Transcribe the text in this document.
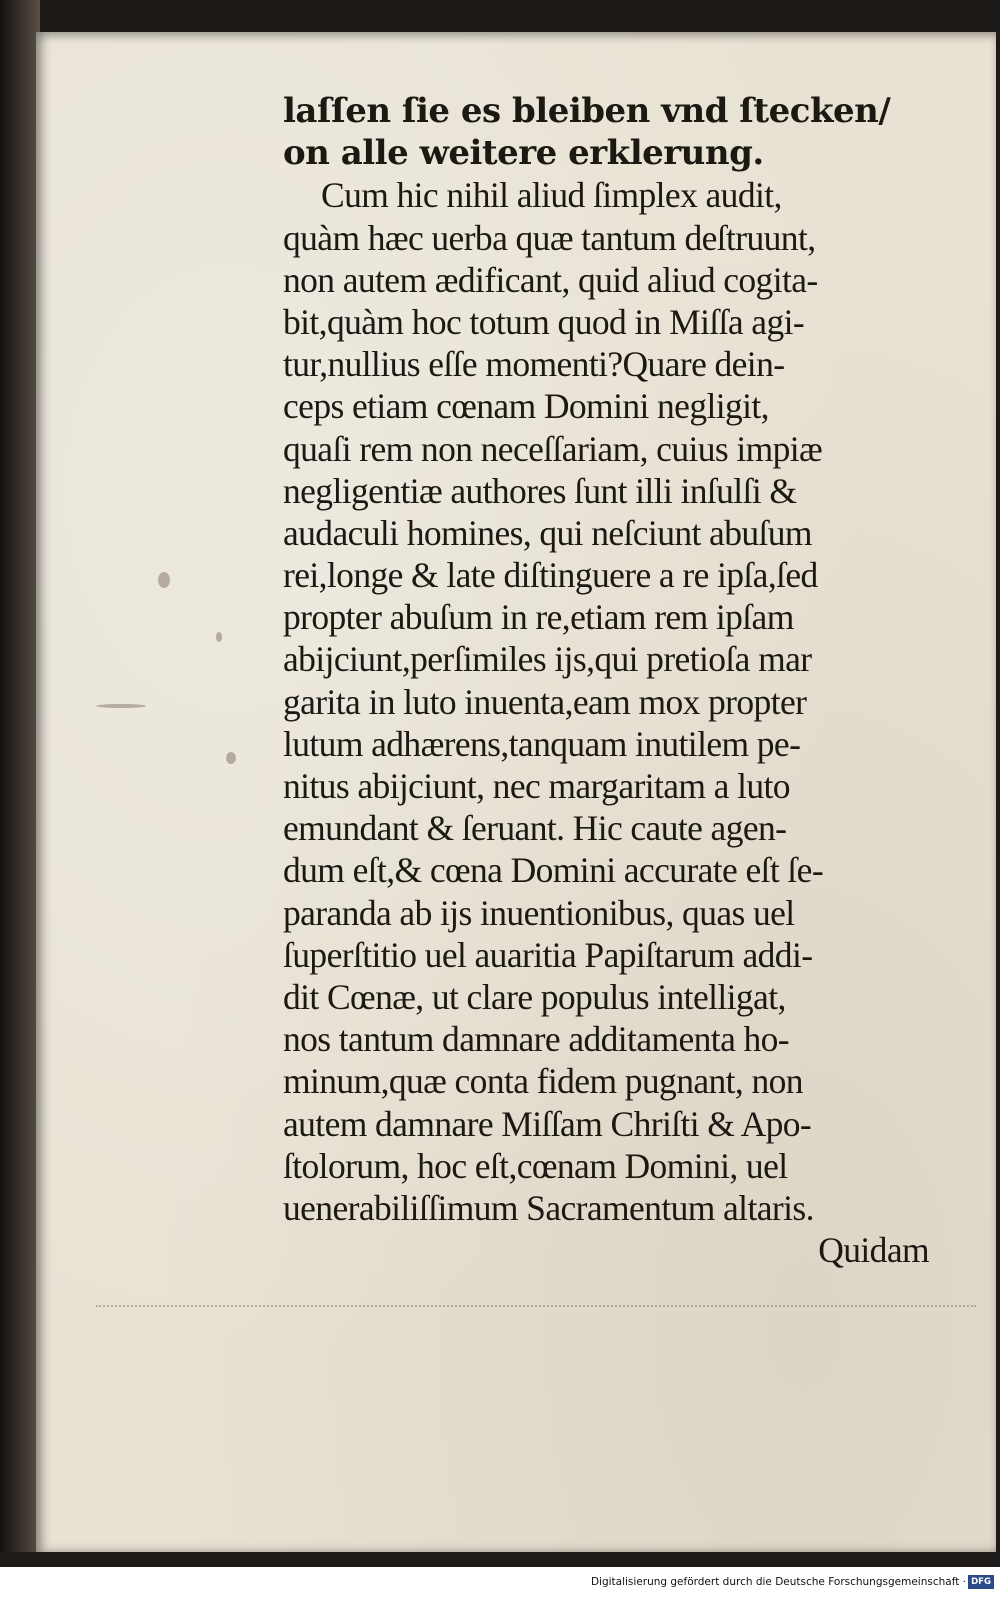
laſſen ſie es bleiben vnd ſtecken/
on alle weitere erklerung.
Cum hic nihil aliud ſimplex audit,
quàm hæc uerba quæ tantum deſtruunt,
non autem ædificant, quid aliud cogita-
bit,quàm hoc totum quod in Miſſa agi-
tur,nullius eſſe momenti?Quare dein-
ceps etiam cœnam Domini negligit,
quaſi rem non neceſſariam, cuius impiæ
negligentiæ authores ſunt illi inſulſi &
audaculi homines, qui neſciunt abuſum
rei,longe & late diſtinguere a re ipſa,ſed
propter abuſum in re,etiam rem ipſam
abijciunt,perſimiles ijs,qui pretioſa mar
garita in luto inuenta,eam mox propter
lutum adhærens,tanquam inutilem pe-
nitus abijciunt, nec margaritam a luto
emundant & ſeruant. Hic caute agen-
dum eſt,& cœna Domini accurate eſt ſe-
paranda ab ijs inuentionibus, quas uel
ſuperſtitio uel auaritia Papiſtarum addi-
dit Cœnæ, ut clare populus intelligat,
nos tantum damnare additamenta ho-
minum,quæ conta fidem pugnant, non
autem damnare Miſſam Chriſti & Apo-
ſtolorum, hoc eſt,cœnam Domini, uel
uenerabiliſſimum Sacramentum altaris.
Quidam
Digitalisierung gefördert durch die Deutsche Forschungsgemeinschaft · DFG
